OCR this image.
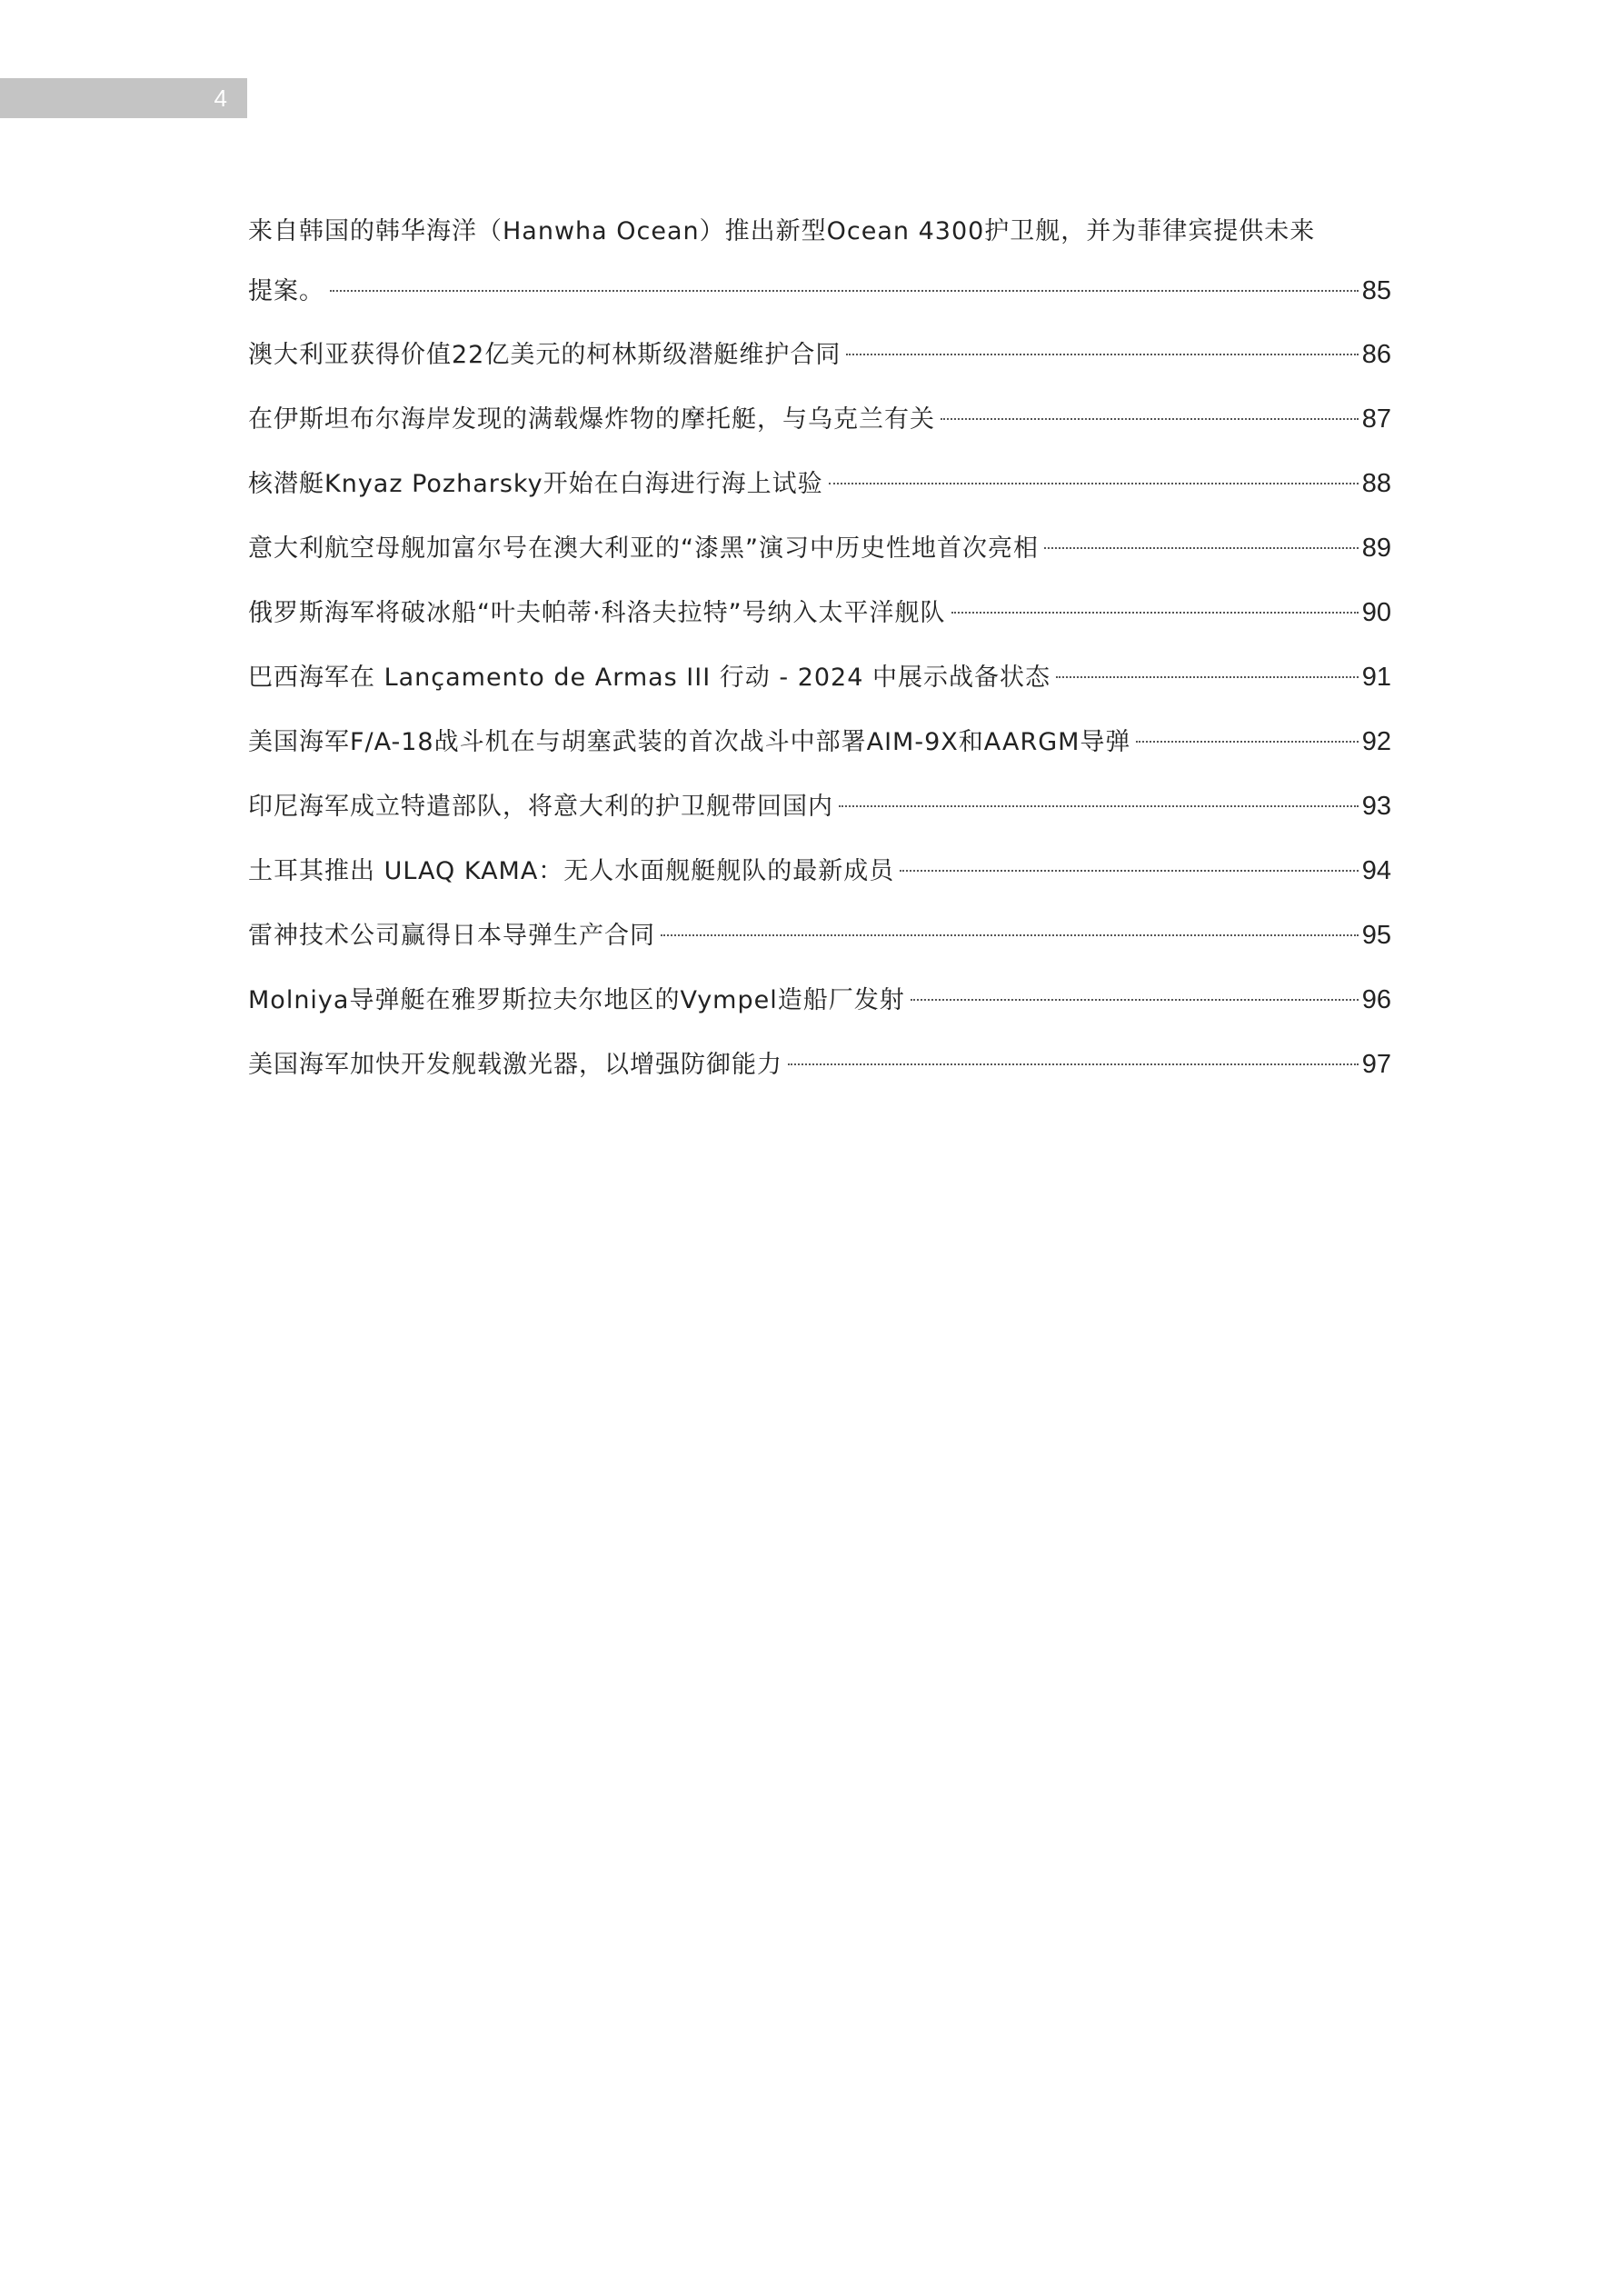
4
来自韩国的韩华海洋（Hanwha Ocean）推出新型Ocean 4300护卫舰，并为菲律宾提供未来
提案。	85
澳大利亚获得价值22亿美元的柯林斯级潜艇维护合同	86
在伊斯坦布尔海岸发现的满载爆炸物的摩托艇，与乌克兰有关	87
核潜艇Knyaz Pozharsky开始在白海进行海上试验	88
意大利航空母舰加富尔号在澳大利亚的“漆黑”演习中历史性地首次亮相	89
俄罗斯海军将破冰船“叶夫帕蒂·科洛夫拉特”号纳入太平洋舰队	90
巴西海军在 Lançamento de Armas III 行动 - 2024 中展示战备状态	91
美国海军F/A-18战斗机在与胡塞武装的首次战斗中部署AIM-9X和AARGM导弹	92
印尼海军成立特遣部队，将意大利的护卫舰带回国内	93
土耳其推出 ULAQ KAMA：无人水面舰艇舰队的最新成员	94
雷神技术公司赢得日本导弹生产合同	95
Molniya导弹艇在雅罗斯拉夫尔地区的Vympel造船厂发射	96
美国海军加快开发舰载激光器，以增强防御能力	97
